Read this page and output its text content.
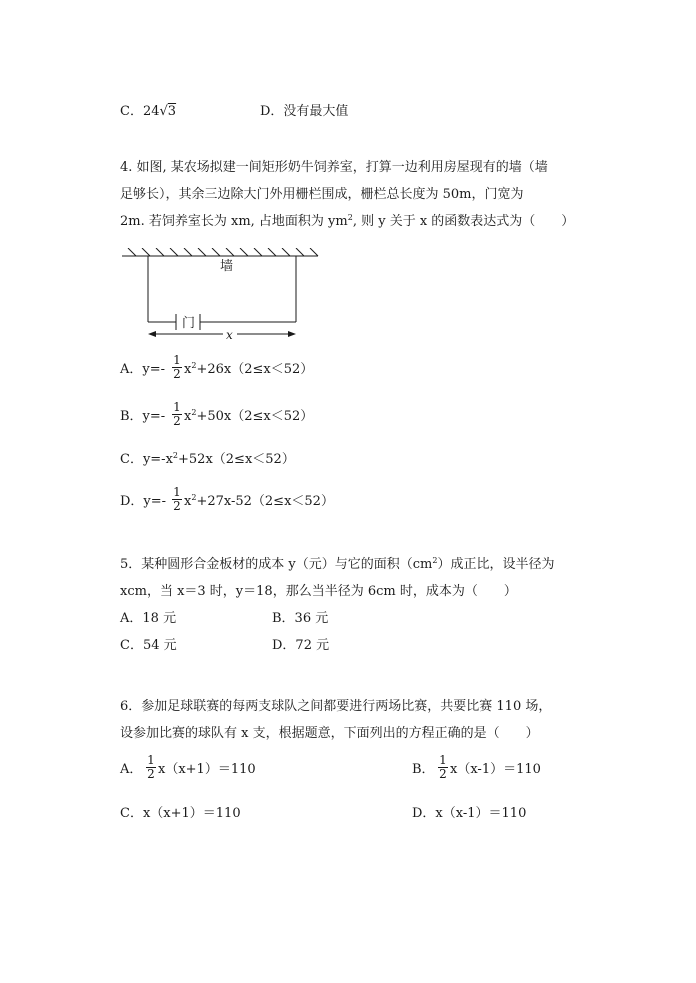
C．24√3	D．没有最大值
4. 如图, 某农场拟建一间矩形奶牛饲养室，打算一边利用房屋现有的墙（墙
足够长），其余三边除大门外用栅栏围成，栅栏总长度为 50m，门宽为
2m. 若饲养室长为 xm, 占地面积为 $ym^2$, 则 y 关于 x 的函数表达式为（　　）
墙
门
x
A．$y=- \frac{1}{2} x^2+26x(2\le x<52)$
B．$y=- \frac{1}{2} x^2+50x(2\le x<52)$
C．$y=-x^2+52x(2\le x<52)$
D．$y=- \frac{1}{2} x^2+27x-52(2\le x<52)$
5．某种圆形合金板材的成本 y（元）与它的面积$(cm^2)$成正比，设半径为
xcm，当 x＝3 时，y＝18，那么当半径为 6cm 时，成本为（　　）
A．18 元	B．36 元
C．54 元	D．72 元
6．参加足球联赛的每两支球队之间都要进行两场比赛，共要比赛 110 场，
设参加比赛的球队有 x 支，根据题意，下面列出的方程正确的是（　　）
A． $\frac{1}{2} x(x+1)=110$	B． $\frac{1}{2} x(x-1)=110$
C．x（x+1）＝110	D．x（x-1）＝110
